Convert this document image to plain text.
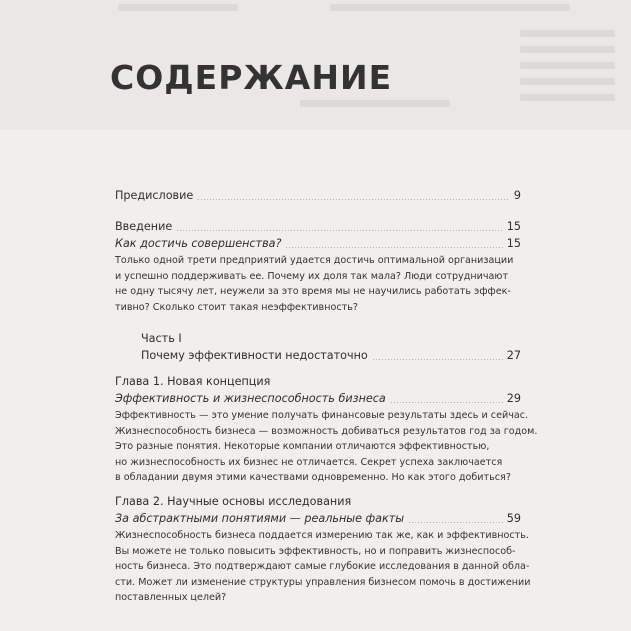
СОДЕРЖАНИЕ
Предисловие	9
Введение	15
Как достичь совершенства?	15
Только одной трети предприятий удается достичь оптимальной организации
и успешно поддерживать ее. Почему их доля так мала? Люди сотрудничают
не одну тысячу лет, неужели за это время мы не научились работать эффек-
тивно? Сколько стоит такая неэффективность?
Часть I
Почему эффективности недостаточно	27
Глава 1. Новая концепция
Эффективность и жизнеспособность бизнеса	29
Эффективность — это умение получать финансовые результаты здесь и сейчас.
Жизнеспособность бизнеса — возможность добиваться результатов год за годом.
Это разные понятия. Некоторые компании отличаются эффективностью,
но жизнеспособность их бизнес не отличается. Секрет успеха заключается
в обладании двумя этими качествами одновременно. Но как этого добиться?
Глава 2. Научные основы исследования
За абстрактными понятиями — реальные факты	59
Жизнеспособность бизнеса поддается измерению так же, как и эффективность.
Вы можете не только повысить эффективность, но и поправить жизнеспособ-
ность бизнеса. Это подтверждают самые глубокие исследования в данной обла-
сти. Может ли изменение структуры управления бизнесом помочь в достижении
поставленных целей?
